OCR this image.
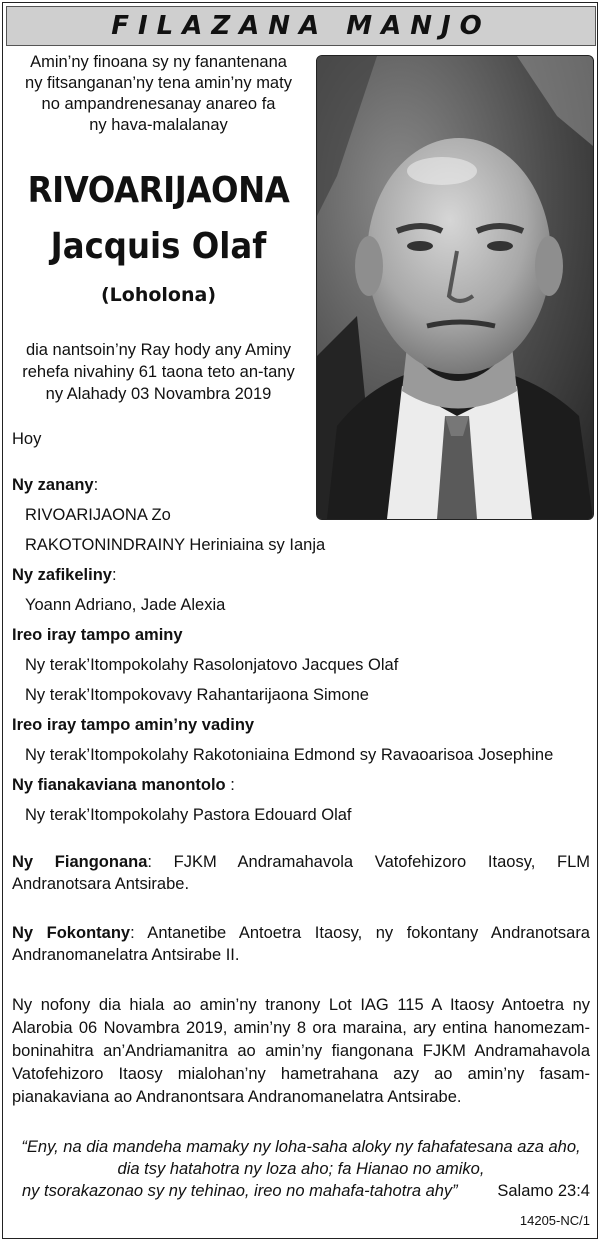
FILAZANA MANJO
Amin’ny finoana sy ny fanantenana
ny fitsanganan’ny tena amin’ny maty
no ampandrenesanay anareo fa
ny hava-malalanay
RIVOARIJAONA
Jacquis Olaf
(Loholona)
dia nantsoin’ny Ray hody any Aminy
rehefa nivahiny 61 taona teto an-tany
ny Alahady 03 Novambra 2019
Hoy
Ny zanany:
RIVOARIJAONA Zo
RAKOTONINDRAINY Heriniaina sy Ianja
Ny zafikeliny:
Yoann Adriano, Jade Alexia
Ireo iray tampo aminy
Ny terak’Itompokolahy Rasolonjatovo Jacques Olaf
Ny terak’Itompokovavy Rahantarijaona Simone
Ireo iray tampo amin’ny vadiny
Ny terak’Itompokolahy Rakotoniaina Edmond sy Ravaoarisoa Josephine
Ny fianakaviana manontolo :
Ny terak’Itompokolahy Pastora Edouard Olaf
Ny Fiangonana: FJKM Andramahavola Vatofehizoro Itaosy, FLM Andranotsara Antsirabe.
Ny Fokontany: Antanetibe Antoetra Itaosy, ny fokontany Andranotsara Andranomanelatra Antsirabe II.
Ny nofony dia hiala ao amin’ny tranony Lot IAG 115 A Itaosy Antoetra ny Alarobia 06 Novambra 2019, amin’ny 8 ora maraina, ary entina hanomezam-boninahitra an’Andriamanitra ao amin’ny fiangonana FJKM Andramahavola Vatofehizoro Itaosy mialohan’ny hametrahana azy ao amin’ny fasam-pianakaviana ao Andranontsara Andranomanelatra Antsirabe.
“Eny, na dia mandeha mamaky ny loha-saha aloky ny fahafatesana aza aho,
dia tsy hatahotra ny loza aho; fa Hianao no amiko,
ny tsorakazonao sy ny tehinao, ireo no mahafa-tahotra ahy” Salamo 23:4
14205-NC/1
